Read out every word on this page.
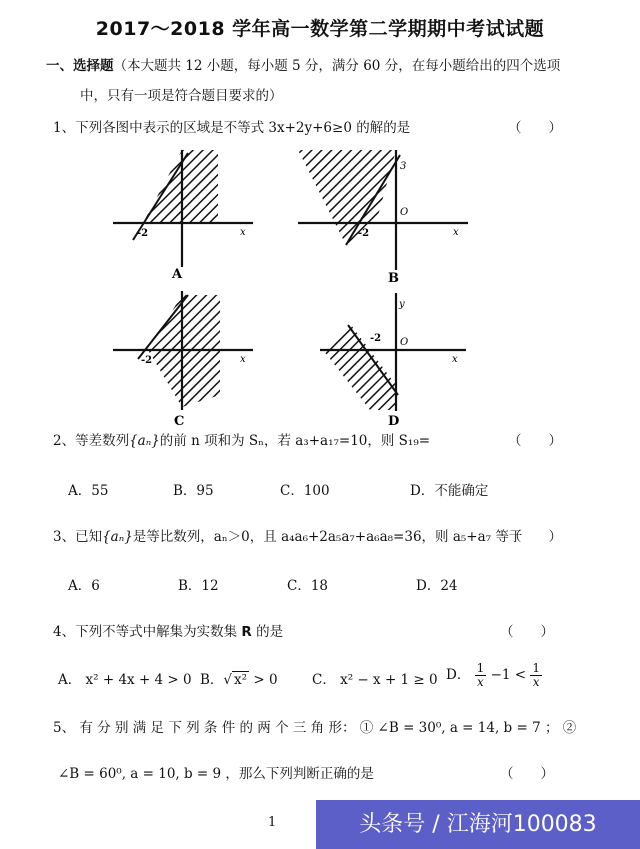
2017～2018 学年高一数学第二学期期中考试试题
一、选择题（本大题共 12 小题，每小题 5 分，满分 60 分，在每小题给出的四个选项
中，只有一项是符合题目要求的）
1、下列各图中表示的区域是不等式 3x+2y+6≥0 的解的是	（　　）
-2	x
A
-2
O
3
x
B
-2	x
C
-2 O
y
x
D
2、等差数列{aₙ}的前 n 项和为 Sₙ，若 a₃+a₁₇=10，则 S₁₉=	（　　）
A．55	B．95	C．100	D．不能确定
3、已知{aₙ}是等比数列，aₙ＞0，且 a₄a₆+2a₅a₇+a₆a₈=36，则 a₅+a₇ 等于
（　　）
A．6	B．12	C．18	D．24
4、下列不等式中解集为实数集 R 的是	（　　）
A． x² + 4x + 4 > 0 B．√ x² > 0	C． x² − x + 1 ≥ 0 D． $\frac{1}{x} -1 < \frac{1}{x}$
5、 有 分 别 满 足 下 列 条 件 的 两 个 三 角 形： ① ∠B = 30⁰, a = 14, b = 7 ； ②
∠B = 60⁰, a = 10, b = 9 ，那么下列判断正确的是	（　　）
1	头条号 / 江海河100083
